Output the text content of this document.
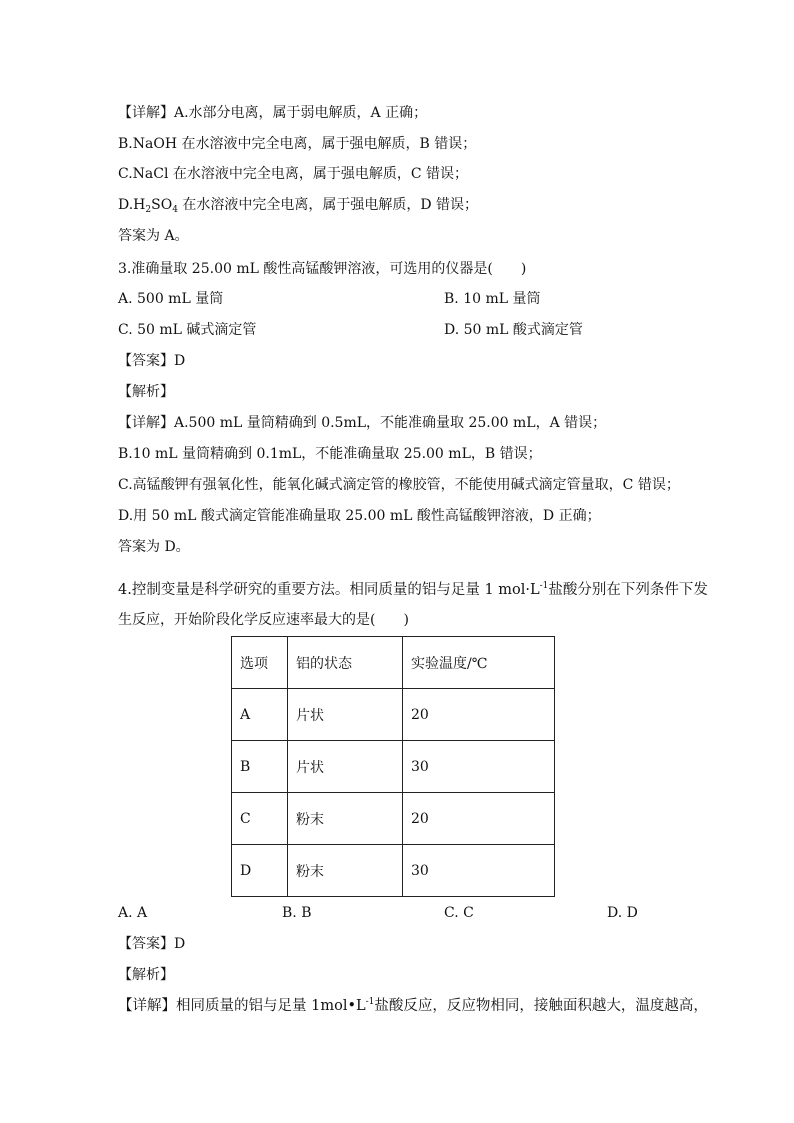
【详解】A.水部分电离，属于弱电解质，A 正确；
B.NaOH 在水溶液中完全电离，属于强电解质，B 错误；
C.NaCl 在水溶液中完全电离，属于强电解质，C 错误；
$D.H_2SO_4$ 在水溶液中完全电离，属于强电解质，D 错误；
答案为 A。
3.准确量取 25.00 mL 酸性高锰酸钾溶液，可选用的仪器是(　　)
A. 500 mL 量筒	B. 10 mL 量筒
C. 50 mL 碱式滴定管	D. 50 mL 酸式滴定管
【答案】D
【解析】
【详解】A.500 mL 量筒精确到 0.5mL，不能准确量取 25.00 mL，A 错误；
B.10 mL 量筒精确到 0.1mL，不能准确量取 25.00 mL，B 错误；
C.高锰酸钾有强氧化性，能氧化碱式滴定管的橡胶管，不能使用碱式滴定管量取，C 错误；
D.用 50 mL 酸式滴定管能准确量取 25.00 mL 酸性高锰酸钾溶液，D 正确；
答案为 D。
4.控制变量是科学研究的重要方法。相同质量的铝与足量 1 $mol\cdot L^{-1}$盐酸分别在下列条件下发
生反应，开始阶段化学反应速率最大的是(　　)
选项	铝的状态	实验温度/℃
A	片状	20
B	片状	30
C	粉末	20
D	粉末	30
A. A	B. B	C. C	D. D
【答案】D
【解析】
【详解】相同质量的铝与足量 $1mol•L^{-1}$盐酸反应，反应物相同，接触面积越大，温度越高，
